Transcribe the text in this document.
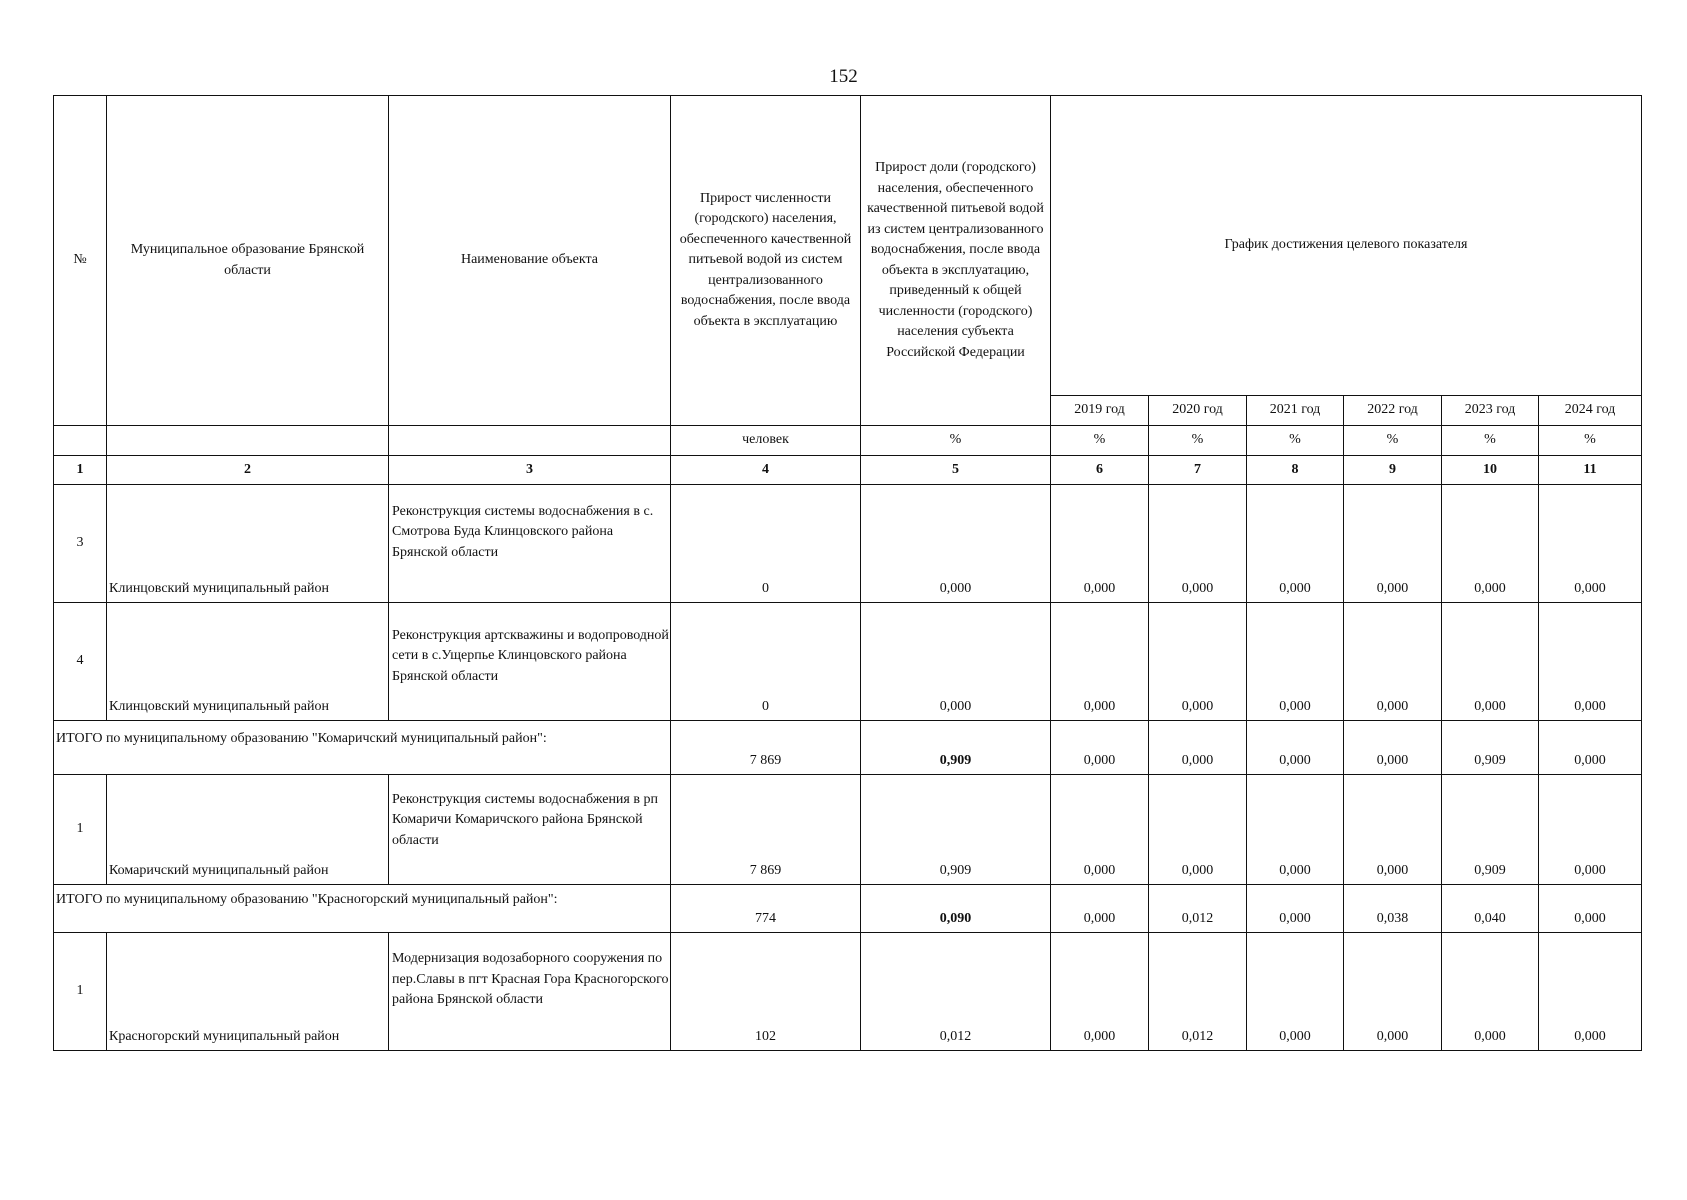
152
№	Муниципальное образование Брянской области	Наименование объекта	Прирост численности (городского) населения, обеспеченного качественной питьевой водой из систем централизованного водоснабжения, после ввода объекта в эксплуатацию	Прирост доли (городского) населения, обеспеченного качественной питьевой водой из систем централизованного водоснабжения, после ввода объекта в эксплуатацию, приведенный к общей численности (городского) населения субъекта Российской Федерации	График достижения целевого показателя					
					2019 год	2020 год	2021 год	2022 год	2023 год	2024 год
			человек	%	%	%	%	%	%	%
1	2	3	4	5	6	7	8	9	10	11
3	Клинцовский муниципальный район	Реконструкция системы водоснабжения в с. Смотрова Буда Клинцовского района Брянской области	0	0,000	0,000	0,000	0,000	0,000	0,000	0,000
4	Клинцовский муниципальный район	Реконструкция артскважины и водопроводной сети в с.Ущерпье Клинцовского района Брянской области	0	0,000	0,000	0,000	0,000	0,000	0,000	0,000
ИТОГО по муниципальному образованию "Комаричский муниципальный район":			7 869	0,909	0,000	0,000	0,000	0,000	0,909	0,000
1	Комаричский муниципальный район	Реконструкция системы водоснабжения в рп Комаричи Комаричского района Брянской области	7 869	0,909	0,000	0,000	0,000	0,000	0,909	0,000
ИТОГО по муниципальному образованию "Красногорский муниципальный район":			774	0,090	0,000	0,012	0,000	0,038	0,040	0,000
1	Красногорский муниципальный район	Модернизация водозаборного сооружения по пер.Славы в пгт Красная Гора Красногорского района Брянской области	102	0,012	0,000	0,012	0,000	0,000	0,000	0,000
